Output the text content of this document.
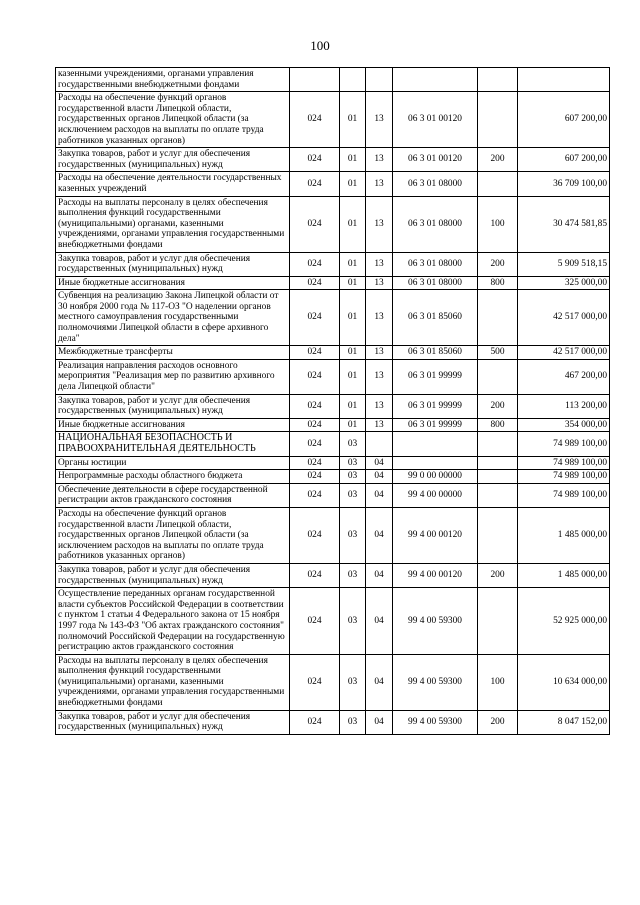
100
казенными учреждениями, органами управления государственными внебюджетными фондами						
Расходы на обеспечение функций органов государственной власти Липецкой области, государственных органов Липецкой области (за исключением расходов на выплаты по оплате труда работников указанных органов)	024	01	13	06 3 01 00120		607 200,00
Закупка товаров, работ и услуг для обеспечения государственных (муниципальных) нужд	024	01	13	06 3 01 00120	200	607 200,00
Расходы на обеспечение деятельности государственных казенных учреждений	024	01	13	06 3 01 08000		36 709 100,00
Расходы на выплаты персоналу в целях обеспечения выполнения функций государственными (муниципальными) органами, казенными учреждениями, органами управления государственными внебюджетными фондами	024	01	13	06 3 01 08000	100	30 474 581,85
Закупка товаров, работ и услуг для обеспечения государственных (муниципальных) нужд	024	01	13	06 3 01 08000	200	5 909 518,15
Иные бюджетные ассигнования	024	01	13	06 3 01 08000	800	325 000,00
Субвенция на реализацию Закона Липецкой области от 30 ноября 2000 года № 117-ОЗ "О наделении органов местного самоуправления государственными полномочиями Липецкой области в сфере архивного дела"	024	01	13	06 3 01 85060		42 517 000,00
Межбюджетные трансферты	024	01	13	06 3 01 85060	500	42 517 000,00
Реализация направления расходов основного мероприятия "Реализация мер по развитию архивного дела Липецкой области"	024	01	13	06 3 01 99999		467 200,00
Закупка товаров, работ и услуг для обеспечения государственных (муниципальных) нужд	024	01	13	06 3 01 99999	200	113 200,00
Иные бюджетные ассигнования	024	01	13	06 3 01 99999	800	354 000,00
НАЦИОНАЛЬНАЯ БЕЗОПАСНОСТЬ И ПРАВООХРАНИТЕЛЬНАЯ ДЕЯТЕЛЬНОСТЬ	024	03				74 989 100,00
Органы юстиции	024	03	04			74 989 100,00
Непрограммные расходы областного бюджета	024	03	04	99 0 00 00000		74 989 100,00
Обеспечение деятельности в сфере государственной регистрации актов гражданского состояния	024	03	04	99 4 00 00000		74 989 100,00
Расходы на обеспечение функций органов государственной власти Липецкой области, государственных органов Липецкой области (за исключением расходов на выплаты по оплате труда работников указанных органов)	024	03	04	99 4 00 00120		1 485 000,00
Закупка товаров, работ и услуг для обеспечения государственных (муниципальных) нужд	024	03	04	99 4 00 00120	200	1 485 000,00
Осуществление переданных органам государственной власти субъектов Российской Федерации в соответствии с пунктом 1 статьи 4 Федерального закона от 15 ноября 1997 года № 143-ФЗ "Об актах гражданского состояния" полномочий Российской Федерации на государственную регистрацию актов гражданского состояния	024	03	04	99 4 00 59300		52 925 000,00
Расходы на выплаты персоналу в целях обеспечения выполнения функций государственными (муниципальными) органами, казенными учреждениями, органами управления государственными внебюджетными фондами	024	03	04	99 4 00 59300	100	10 634 000,00
Закупка товаров, работ и услуг для обеспечения государственных (муниципальных) нужд	024	03	04	99 4 00 59300	200	8 047 152,00
